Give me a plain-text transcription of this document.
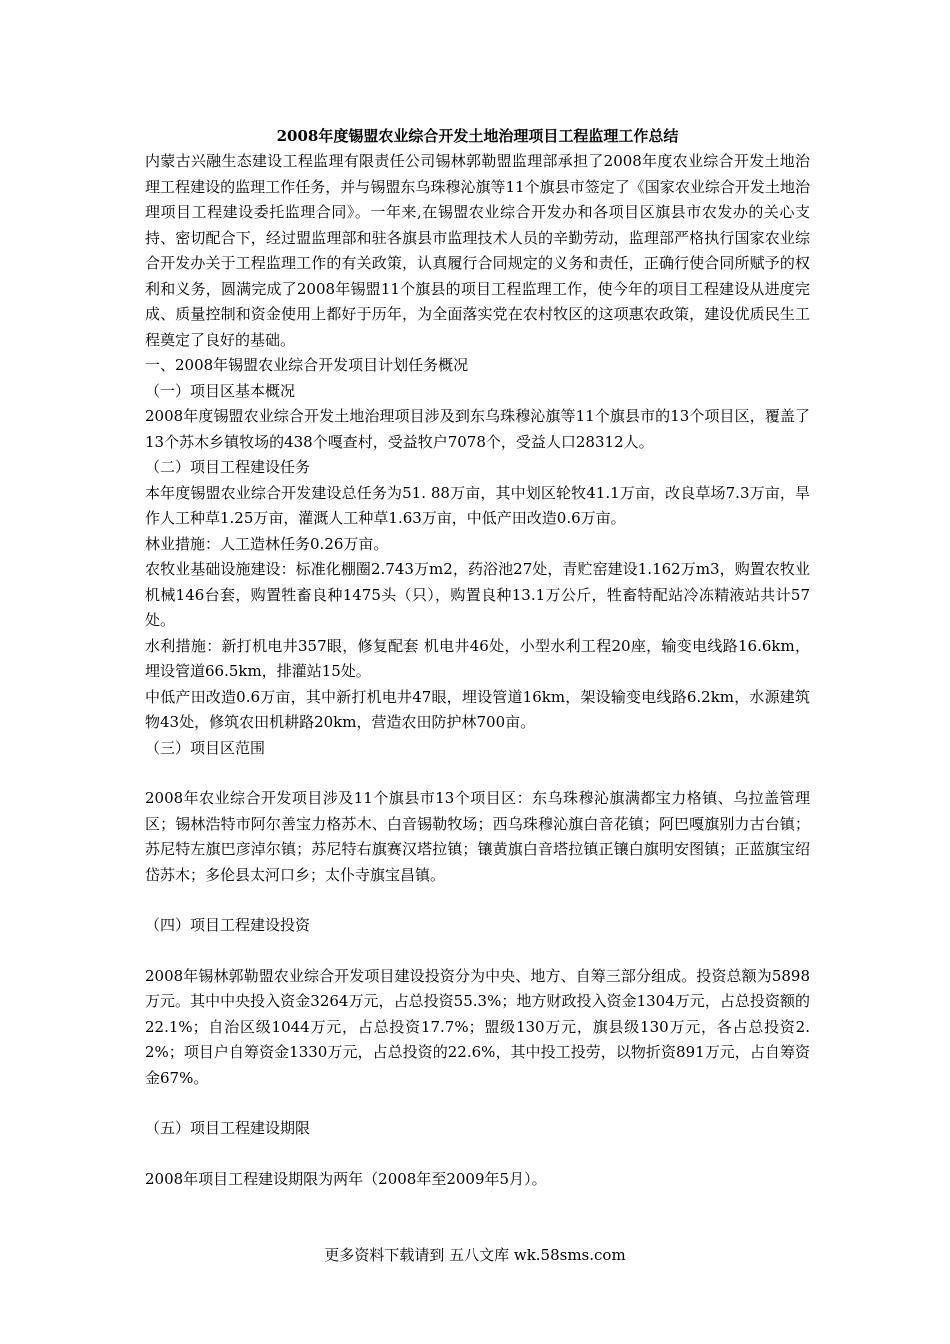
2008年度锡盟农业综合开发土地治理项目工程监理工作总结

内蒙古兴融生态建设工程监理有限责任公司锡林郭勒盟监理部承担了2008年度农业综合开发土地治理工程建设的监理工作任务，并与锡盟东乌珠穆沁旗等11个旗县市签定了《国家农业综合开发土地治理项目工程建设委托监理合同》。一年来,在锡盟农业综合开发办和各项目区旗县市农发办的关心支持、密切配合下，经过盟监理部和驻各旗县市监理技术人员的辛勤劳动，监理部严格执行国家农业综合开发办关于工程监理工作的有关政策，认真履行合同规定的义务和责任，正确行使合同所赋予的权利和义务，圆满完成了2008年锡盟11个旗县的项目工程监理工作，使今年的项目工程建设从进度完成、质量控制和资金使用上都好于历年，为全面落实党在农村牧区的这项惠农政策，建设优质民生工程奠定了良好的基础。

一、2008年锡盟农业综合开发项目计划任务概况

（一）项目区基本概况

2008年度锡盟农业综合开发土地治理项目涉及到东乌珠穆沁旗等11个旗县市的13个项目区，覆盖了13个苏木乡镇牧场的438个嘎查村，受益牧户7078个，受益人口28312人。

（二）项目工程建设任务

本年度锡盟农业综合开发建设总任务为51. 88万亩，其中划区轮牧41.1万亩，改良草场7.3万亩，旱作人工种草1.25万亩，灌溉人工种草1.63万亩，中低产田改造0.6万亩。

林业措施：人工造林任务0.26万亩。

农牧业基础设施建设：标准化棚圈2.743万m2，药浴池27处，青贮窑建设1.162万m3，购置农牧业机械146台套，购置牲畜良种1475头（只），购置良种13.1万公斤，牲畜特配站冷冻精液站共计57处。

水利措施：新打机电井357眼，修复配套 机电井46处，小型水利工程20座，输变电线路16.6km，埋设管道66.5km，排灌站15处。

中低产田改造0.6万亩，其中新打机电井47眼，埋设管道16km，架设输变电线路6.2km，水源建筑物43处，修筑农田机耕路20km，营造农田防护林700亩。

（三）项目区范围

2008年农业综合开发项目涉及11个旗县市13个项目区：东乌珠穆沁旗满都宝力格镇、乌拉盖管理区；锡林浩特市阿尔善宝力格苏木、白音锡勒牧场；西乌珠穆沁旗白音花镇；阿巴嘎旗别力古台镇；苏尼特左旗巴彦淖尔镇；苏尼特右旗赛汉塔拉镇；镶黄旗白音塔拉镇正镶白旗明安图镇；正蓝旗宝绍岱苏木；多伦县太河口乡；太仆寺旗宝昌镇。

（四）项目工程建设投资

2008年锡林郭勒盟农业综合开发项目建设投资分为中央、地方、自筹三部分组成。投资总额为5898万元。其中中央投入资金3264万元，占总投资55.3%；地方财政投入资金1304万元，占总投资额的22.1%；自治区级1044万元，占总投资17.7%；盟级130万元，旗县级130万元，各占总投资2.2%；项目户自筹资金1330万元，占总投资的22.6%，其中投工投劳，以物折资891万元，占自筹资金67%。

（五）项目工程建设期限

2008年项目工程建设期限为两年（2008年至2009年5月）。

更多资料下载请到 五八文库 wk.58sms.com
